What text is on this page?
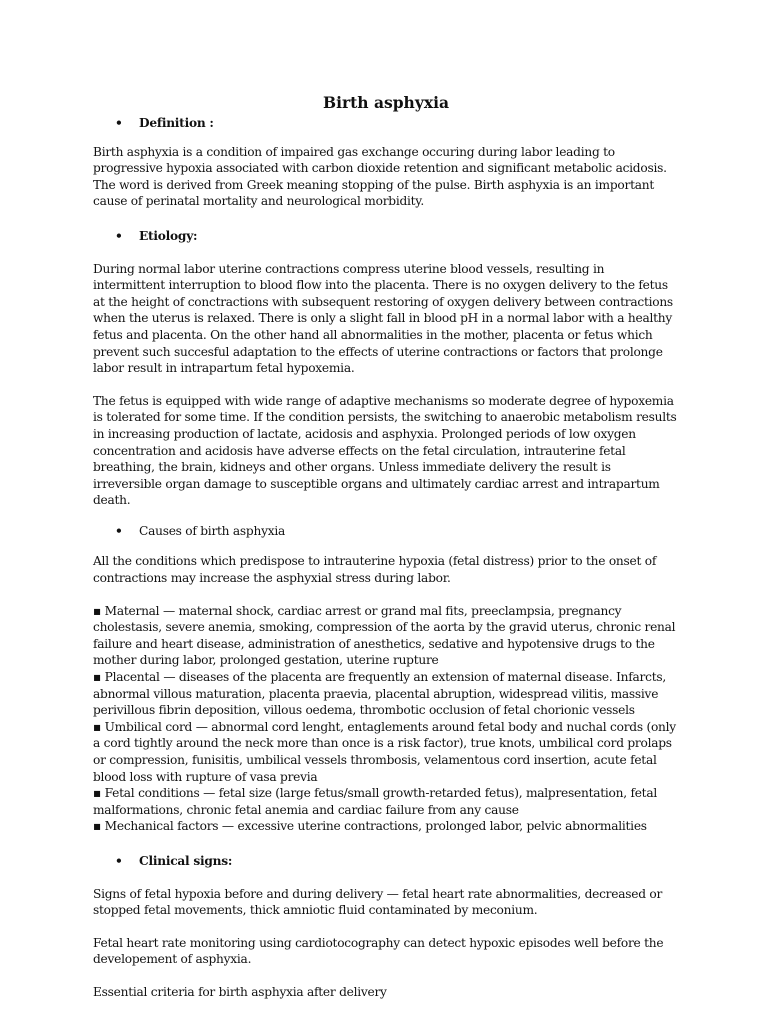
Birth asphyxia
• Definition :

Birth asphyxia is a condition of impaired gas exchange occuring during labor leading to progressive hypoxia associated with carbon dioxide retention and significant metabolic acidosis. The word is derived from Greek meaning stopping of the pulse. Birth asphyxia is an important cause of perinatal mortality and neurological morbidity.

• Etiology:

During normal labor uterine contractions compress uterine blood vessels, resulting in intermittent interruption to blood flow into the placenta. There is no oxygen delivery to the fetus at the height of conctractions with subsequent restoring of oxygen delivery between contractions when the uterus is relaxed. There is only a slight fall in blood pH in a normal labor with a healthy fetus and placenta. On the other hand all abnormalities in the mother, placenta or fetus which prevent such succesful adaptation to the effects of uterine contractions or factors that prolonge labor result in intrapartum fetal hypoxemia.

The fetus is equipped with wide range of adaptive mechanisms so moderate degree of hypoxemia is tolerated for some time. If the condition persists, the switching to anaerobic metabolism results in increasing production of lactate, acidosis and asphyxia. Prolonged periods of low oxygen concentration and acidosis have adverse effects on the fetal circulation, intrauterine fetal breathing, the brain, kidneys and other organs. Unless immediate delivery the result is irreversible organ damage to susceptible organs and ultimately cardiac arrest and intrapartum death.

• Causes of birth asphyxia

All the conditions which predispose to intrauterine hypoxia (fetal distress) prior to the onset of contractions may increase the asphyxial stress during labor.

▪ Maternal — maternal shock, cardiac arrest or grand mal fits, preeclampsia, pregnancy cholestasis, severe anemia, smoking, compression of the aorta by the gravid uterus, chronic renal failure and heart disease, administration of anesthetics, sedative and hypotensive drugs to the mother during labor, prolonged gestation, uterine rupture

▪ Placental — diseases of the placenta are frequently an extension of maternal disease. Infarcts, abnormal villous maturation, placenta praevia, placental abruption, widespread vilitis, massive perivillous fibrin deposition, villous oedema, thrombotic occlusion of fetal chorionic vessels

▪ Umbilical cord — abnormal cord lenght, entaglements around fetal body and nuchal cords (only a cord tightly around the neck more than once is a risk factor), true knots, umbilical cord prolaps or compression, funisitis, umbilical vessels thrombosis, velamentous cord insertion, acute fetal blood loss with rupture of vasa previa

▪ Fetal conditions — fetal size (large fetus/small growth-retarded fetus), malpresentation, fetal malformations, chronic fetal anemia and cardiac failure from any cause

▪ Mechanical factors — excessive uterine contractions, prolonged labor, pelvic abnormalities

• Clinical signs:

Signs of fetal hypoxia before and during delivery — fetal heart rate abnormalities, decreased or stopped fetal movements, thick amniotic fluid contaminated by meconium.

Fetal heart rate monitoring using cardiotocography can detect hypoxic episodes well before the developement of asphyxia.

Essential criteria for birth asphyxia after delivery
